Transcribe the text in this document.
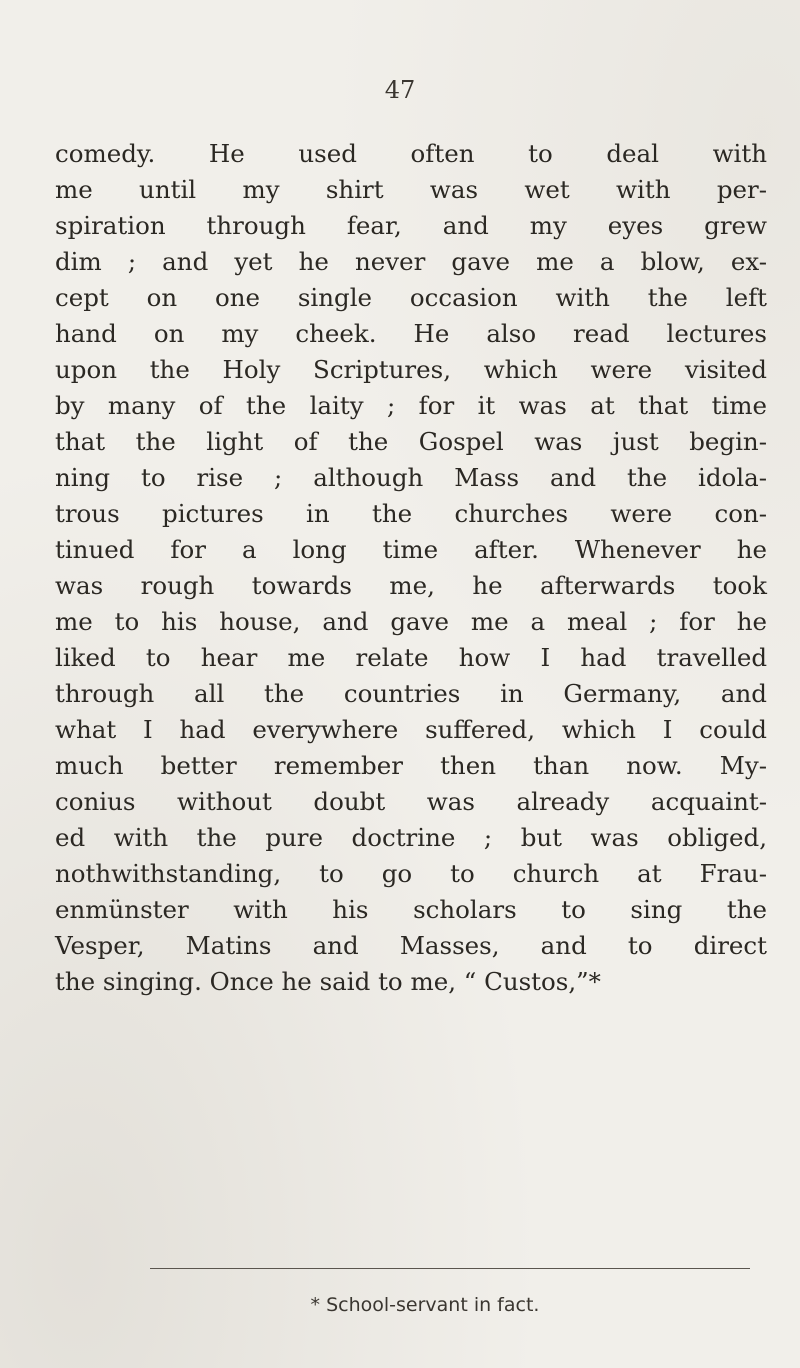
47
comedy. He used often to deal with
me until my shirt was wet with per-
spiration through fear, and my eyes grew
dim ; and yet he never gave me a blow, ex-
cept on one single occasion with the left
hand on my cheek. He also read lectures
upon the Holy Scriptures, which were visited
by many of the laity ; for it was at that time
that the light of the Gospel was just begin-
ning to rise ; although Mass and the idola-
trous pictures in the churches were con-
tinued for a long time after. Whenever he
was rough towards me, he afterwards took
me to his house, and gave me a meal ; for he
liked to hear me relate how I had travelled
through all the countries in Germany, and
what I had everywhere suffered, which I could
much better remember then than now. My-
conius without doubt was already acquaint-
ed with the pure doctrine ; but was obliged,
nothwithstanding, to go to church at Frau-
enmünster with his scholars to sing the
Vesper, Matins and Masses, and to direct
the singing. Once he said to me, “ Custos,”*
* School-servant in fact.
